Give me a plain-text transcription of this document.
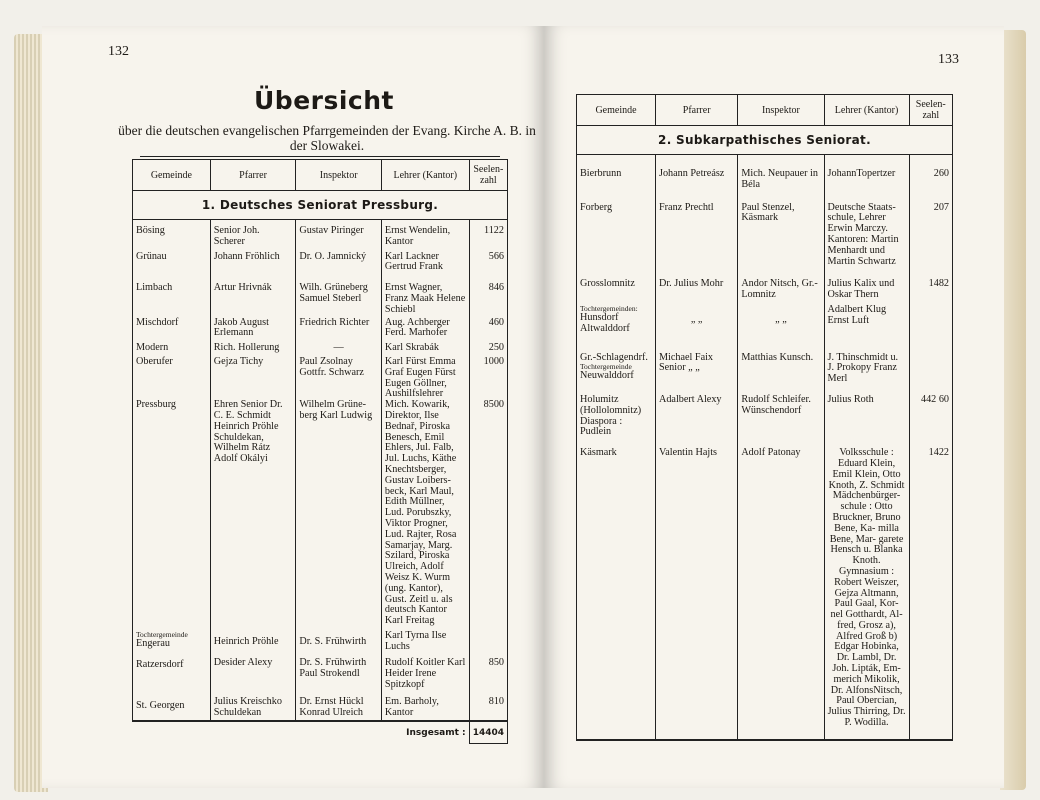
132
Übersicht
über die deutschen evangelischen Pfarrgemeinden der Evang. Kirche A. B. in der Slowakei.
Gemeinde	Pfarrer	Inspektor	Lehrer (Kantor)	Seelen- zahl
1. Deutsches Seniorat Pressburg.				
Bösing	Senior Joh. Scherer	Gustav Piringer	Ernst Wendelin, Kantor	1122
Grünau	Johann Fröhlich	Dr. O. Jamnický	Karl Lackner Gertrud Frank	566
Limbach	Artur Hrivnák	Wilh. Grüneberg Samuel Steberl	Ernst Wagner, Franz Maak Helene Schiebl	846
Mischdorf	Jakob August Erlemann	Friedrich Richter	Aug. Achberger Ferd. Marhofer	460
Modern	Rich. Hollerung	—	Karl Skrabák	250
Oberufer	Gejza Tichy	Paul Zsolnay Gottfr. Schwarz	Karl Fürst Emma Graf Eugen Fürst Eugen Göllner, Aushilfslehrer	1000
Pressburg	Ehren Senior Dr. C. E. Schmidt Heinrich Pröhle Schuldekan, Wilhelm Rátz Adolf Okályi	Wilhelm Grüne- berg Karl Ludwig	Mich. Kowarik, Direktor, Ilse Bednař, Piroska Benesch, Emil Ehlers, Jul. Falb, Jul. Luchs, Käthe Knechtsberger, Gustav Loibers- beck, Karl Maul, Edith Müllner, Lud. Porubszky, Viktor Progner, Lud. Rajter, Rosa Samarjay, Marg. Szilard, Piroska Ulreich, Adolf Weisz K. Wurm (ung. Kantor), Gust. Zeitl u. als deutsch Kantor Karl Freitag	8500

Tochtergemeinde
Engerau	Heinrich Pröhle	Dr. S. Frühwirth	Karl Tyrna Ilse Luchs	
Ratzersdorf	Desider Alexy	Dr. S. Frühwirth Paul Strokendl	Rudolf Koitler Karl Heider Irene Spitzkopf	850
St. Georgen	Julius Kreischko Schuldekan	Dr. Ernst Hückl Konrad Ulreich	Em. Barholy, Kantor	810
Insgesamt :				14404
133
Gemeinde	Pfarrer	Inspektor	Lehrer (Kantor)	Seelen- zahl
2. Subkarpathisches Seniorat.				
Bierbrunn	Johann Petreász	Mich. Neupauer in Béla	JohannTopertzer	260
Forberg	Franz Prechtl	Paul Stenzel, Käsmark	Deutsche Staats- schule, Lehrer Erwin Marczy. Kantoren: Martin Menhardt und Martin Schwartz	207
Grosslomnitz	Dr. Julius Mohr	Andor Nitsch, Gr.-Lomnitz	Julius Kalix und Oskar Thern	1482

Tochtergemeinden:
Hunsdorf Altwalddorf	„ „	„ „	Adalbert Klug Ernst Luft	
Gr.-Schlagendrf.
Tochtergemeinde
Neuwalddorf	Michael Faix Senior „ „	Matthias Kunsch.	J. Thinschmidt u. J. Prokopy Franz Merl	
Holumitz (Hollolomnitz) Diaspora : Pudlein	Adalbert Alexy	Rudolf Schleifer. Wünschendorf	Julius Roth	442 60
Käsmark	Valentin Hajts	Adolf Patonay	Volksschule : Eduard Klein, Emil Klein, Otto Knoth, Z. Schmidt Mädchenbürger- schule : Otto Bruckner, Bruno Bene, Ka- milla Bene, Mar- garete Hensch u. Blanka Knoth. Gymnasium : Robert Weiszer, Gejza Altmann, Paul Gaal, Kor- nel Gotthardt, Al- fred, Grosz a), Alfred Groß b) Edgar Hobinka, Dr. Lambl, Dr. Joh. Lipták, Em- merich Mikolik, Dr. AlfonsNitsch, Paul Obercian, Julius Thirring, Dr. P. Wodilla.	1422
